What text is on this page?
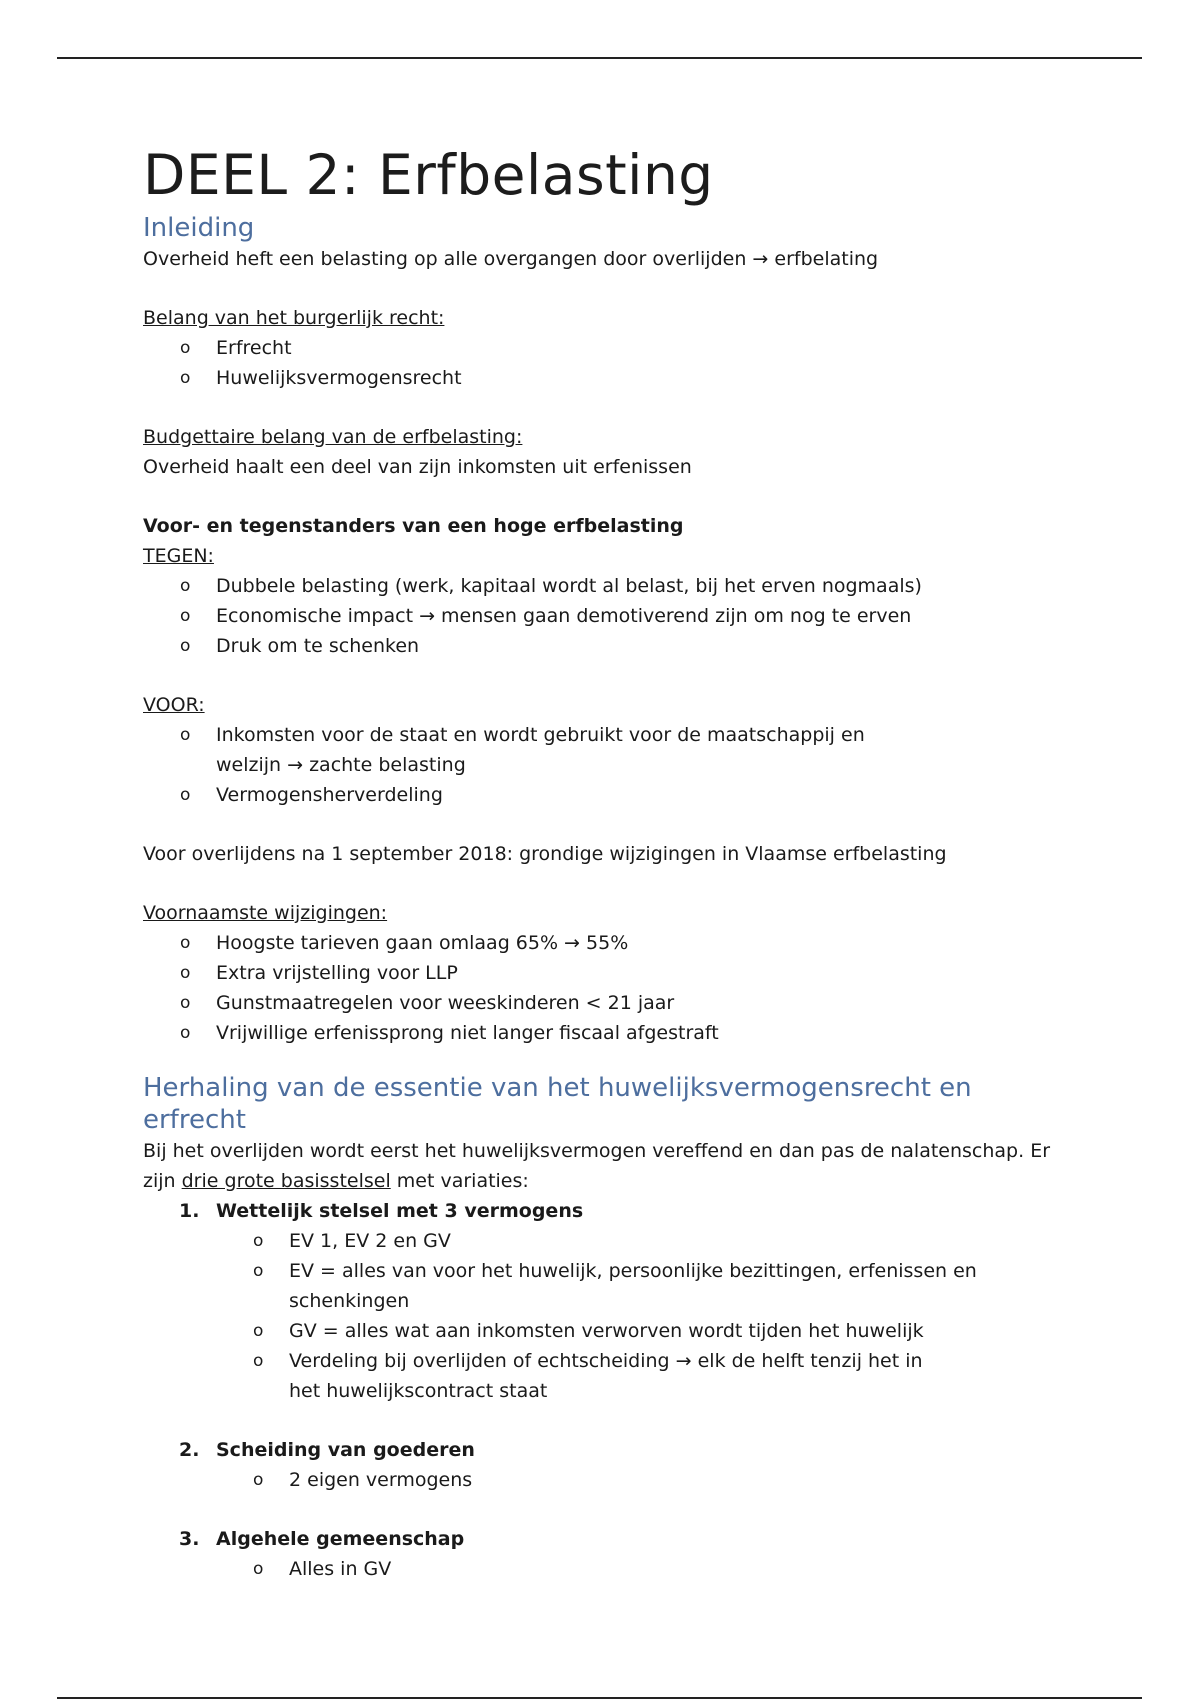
DEEL 2: Erfbelasting
Inleiding

Overheid heft een belasting op alle overgangen door overlijden → erfbelating

Belang van het burgerlijk recht:

o Erfrecht
o Huwelijksvermogensrecht

Budgettaire belang van de erfbelasting:

Overheid haalt een deel van zijn inkomsten uit erfenissen

Voor- en tegenstanders van een hoge erfbelasting

TEGEN:

o Dubbele belasting (werk, kapitaal wordt al belast, bij het erven nogmaals)
o Economische impact → mensen gaan demotiverend zijn om nog te erven
o Druk om te schenken

VOOR:

o Inkomsten voor de staat en wordt gebruikt voor de maatschappij en welzijn → zachte belasting
o Vermogensherverdeling

Voor overlijdens na 1 september 2018: grondige wijzigingen in Vlaamse erfbelasting

Voornaamste wijzigingen:

o Hoogste tarieven gaan omlaag 65% → 55%
o Extra vrijstelling voor LLP
o Gunstmaatregelen voor weeskinderen < 21 jaar
o Vrijwillige erfenissprong niet langer fiscaal afgestraft
Herhaling van de essentie van het huwelijksvermogensrecht en erfrecht

Bij het overlijden wordt eerst het huwelijksvermogen vereffend en dan pas de nalatenschap. Er zijn drie grote basisstelsel met variaties:

1. Wettelijk stelsel met 3 vermogens
o EV 1, EV 2 en GV
o EV = alles van voor het huwelijk, persoonlijke bezittingen, erfenissen en schenkingen
o GV = alles wat aan inkomsten verworven wordt tijden het huwelijk
o Verdeling bij overlijden of echtscheiding → elk de helft tenzij het in het huwelijkscontract staat
2. Scheiding van goederen
o 2 eigen vermogens
3. Algehele gemeenschap
o Alles in GV
